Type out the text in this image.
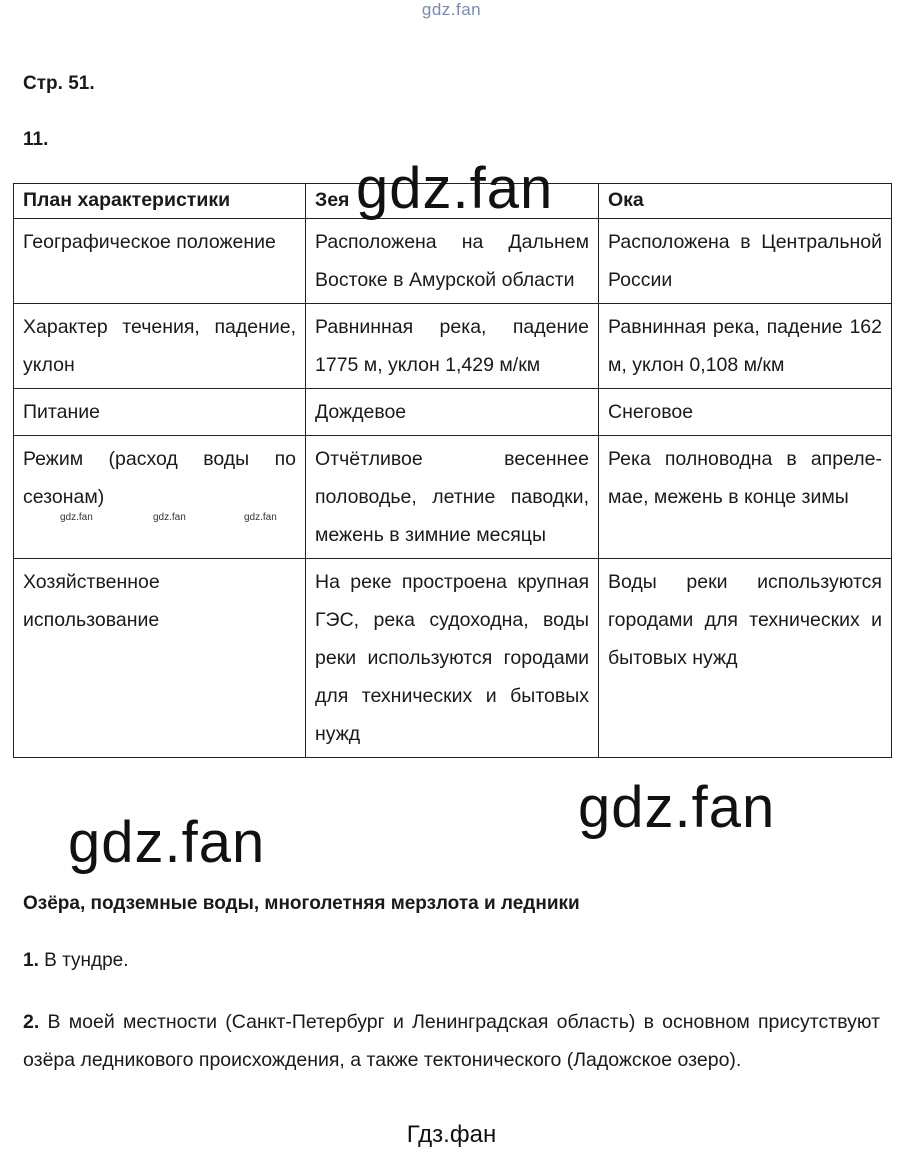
gdz.fan
Стр. 51.
11.
План характеристики	Зея	Ока
Географическое положение	Расположена на Дальнем Востоке в Амурской области	Расположена в Центральной России
Характер течения, падение, уклон	Равнинная река, падение 1775 м, уклон 1,429 м/км	Равнинная река, падение 162 м, уклон 0,108 м/км
Питание	Дождевое	Снеговое
Режим (расход воды по сезонам)	Отчётливое весеннее половодье, летние паводки, межень в зимние месяцы	Река полноводна в апреле-мае, межень в конце зимы
Хозяйственное использование	На реке простроена крупная ГЭС, река судоходна, воды реки используются городами для технических и бытовых нужд	Воды реки используются городами для технических и бытовых нужд
gdz.fan
gdz.fan
gdz.fan
gdz.fan	gdz.fan	gdz.fan
Озёра, подземные воды, многолетняя мерзлота и ледники
1. В тундре.
2. В моей местности (Санкт-Петербург и Ленинградская область) в основном присутствуют озёра ледникового происхождения, а также тектонического (Ладожское озеро).
Гдз.фан
